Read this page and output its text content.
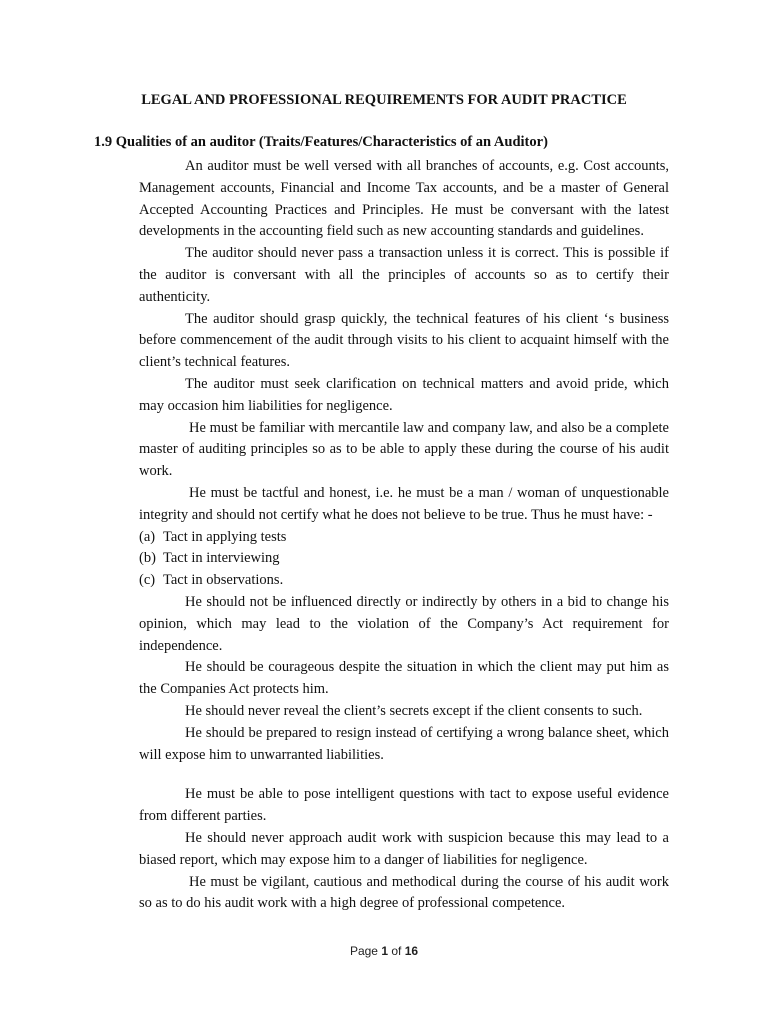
LEGAL AND PROFESSIONAL REQUIREMENTS FOR AUDIT PRACTICE
1.9 Qualities of an auditor (Traits/Features/Characteristics of an Auditor)

An auditor must be well versed with all branches of accounts, e.g. Cost accounts, Management accounts, Financial and Income Tax accounts, and be a master of General Accepted Accounting Practices and Principles. He must be conversant with the latest developments in the accounting field such as new accounting standards and guidelines.

The auditor should never pass a transaction unless it is correct. This is possible if the auditor is conversant with all the principles of accounts so as to certify their authenticity.

The auditor should grasp quickly, the technical features of his client ‘s business before commencement of the audit through visits to his client to acquaint himself with the client’s technical features.

The auditor must seek clarification on technical matters and avoid pride, which may occasion him liabilities for negligence.

He must be familiar with mercantile law and company law, and also be a complete master of auditing principles so as to be able to apply these during the course of his audit work.

He must be tactful and honest, i.e. he must be a man / woman of unquestionable integrity and should not certify what he does not believe to be true. Thus he must have: -

(a) Tact in applying tests
(b) Tact in interviewing
(c) Tact in observations.

He should not be influenced directly or indirectly by others in a bid to change his opinion, which may lead to the violation of the Company’s Act requirement for independence.

He should be courageous despite the situation in which the client may put him as the Companies Act protects him.

He should never reveal the client’s secrets except if the client consents to such.

He should be prepared to resign instead of certifying a wrong balance sheet, which will expose him to unwarranted liabilities.

He must be able to pose intelligent questions with tact to expose useful evidence from different parties.

He should never approach audit work with suspicion because this may lead to a biased report, which may expose him to a danger of liabilities for negligence.

He must be vigilant, cautious and methodical during the course of his audit work so as to do his audit work with a high degree of professional competence.

Page 1 of 16
